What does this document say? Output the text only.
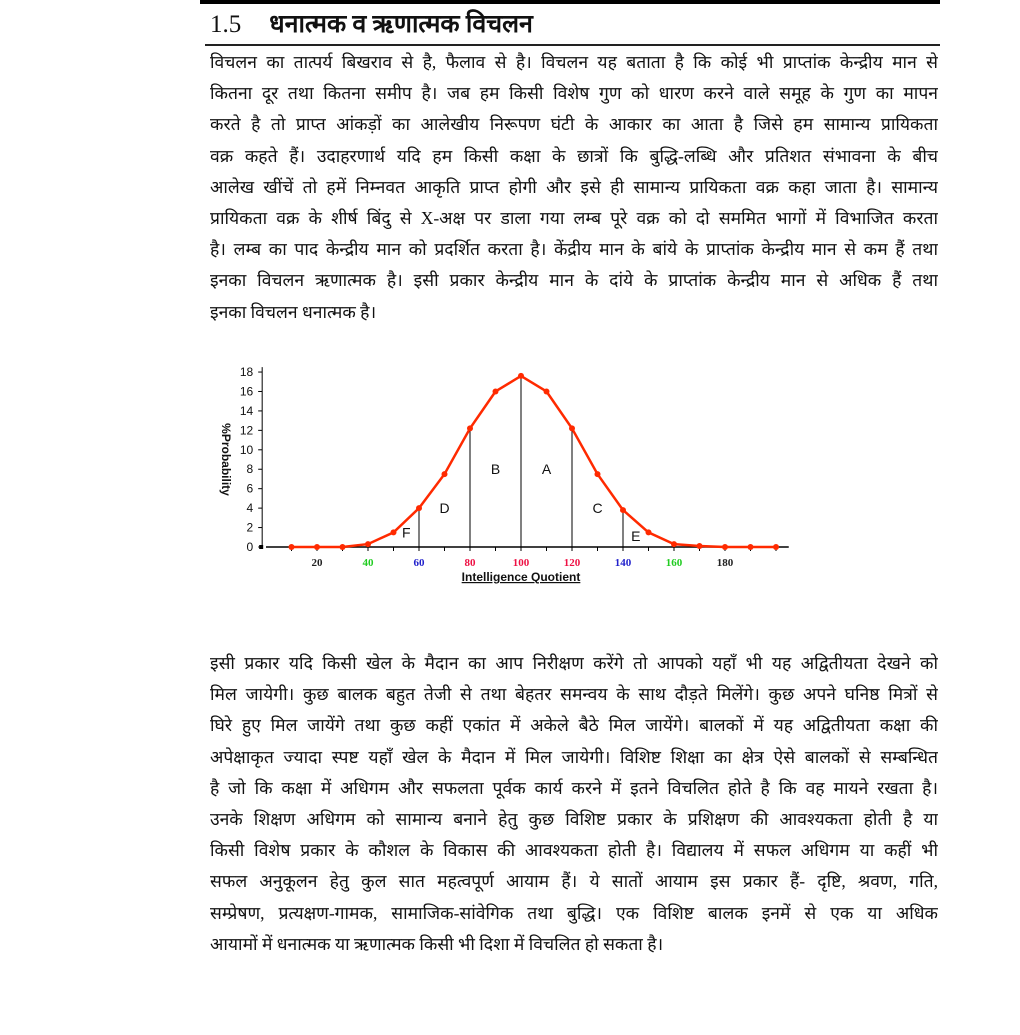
1.5 धनात्मक व ऋणात्मक विचलन
विचलन का तात्पर्य बिखराव से है, फैलाव से है। विचलन यह बताता है कि कोई भी प्राप्तांक केन्द्रीय मान से
कितना दूर तथा कितना समीप है। जब हम किसी विशेष गुण को धारण करने वाले समूह के गुण का मापन
करते है तो प्राप्त आंकड़ों का आलेखीय निरूपण घंटी के आकार का आता है जिसे हम सामान्य प्रायिकता
वक्र कहते हैं। उदाहरणार्थ यदि हम किसी कक्षा के छात्रों कि बुद्धि-लब्धि और प्रतिशत संभावना के बीच
आलेख खींचें तो हमें निम्नवत आकृति प्राप्त होगी और इसे ही सामान्य प्रायिकता वक्र कहा जाता है। सामान्य
प्रायिकता वक्र के शीर्ष बिंदु से X-अक्ष पर डाला गया लम्ब पूरे वक्र को दो सममित भागों में विभाजित करता
है। लम्ब का पाद केन्द्रीय मान को प्रदर्शित करता है। केंद्रीय मान के बांये के प्राप्तांक केन्द्रीय मान से कम हैं तथा
इनका विचलन ऋणात्मक है। इसी प्रकार केन्द्रीय मान के दांये के प्राप्तांक केन्द्रीय मान से अधिक हैं तथा
इनका विचलन धनात्मक है।
0
2
4
6
8
10
12
14
16
18
20	40	60	80	100	120	140	160	180
F
D
B	A
C
E
Intelligence Quotient
%Probability
इसी प्रकार यदि किसी खेल के मैदान का आप निरीक्षण करेंगे तो आपको यहाँ भी यह अद्वितीयता देखने को
मिल जायेगी। कुछ बालक बहुत तेजी से तथा बेहतर समन्वय के साथ दौड़ते मिलेंगे। कुछ अपने घनिष्ठ मित्रों से
घिरे हुए मिल जायेंगे तथा कुछ कहीं एकांत में अकेले बैठे मिल जायेंगे। बालकों में यह अद्वितीयता कक्षा की
अपेक्षाकृत ज्यादा स्पष्ट यहाँ खेल के मैदान में मिल जायेगी। विशिष्ट शिक्षा का क्षेत्र ऐसे बालकों से सम्बन्धित
है जो कि कक्षा में अधिगम और सफलता पूर्वक कार्य करने में इतने विचलित होते है कि वह मायने रखता है।
उनके शिक्षण अधिगम को सामान्य बनाने हेतु कुछ विशिष्ट प्रकार के प्रशिक्षण की आवश्यकता होती है या
किसी विशेष प्रकार के कौशल के विकास की आवश्यकता होती है। विद्यालय में सफल अधिगम या कहीं भी
सफल अनुकूलन हेतु कुल सात महत्वपूर्ण आयाम हैं। ये सातों आयाम इस प्रकार हैं- दृष्टि, श्रवण, गति,
सम्प्रेषण, प्रत्यक्षण-गामक, सामाजिक-सांवेगिक तथा बुद्धि। एक विशिष्ट बालक इनमें से एक या अधिक
आयामों में धनात्मक या ऋणात्मक किसी भी दिशा में विचलित हो सकता है।
